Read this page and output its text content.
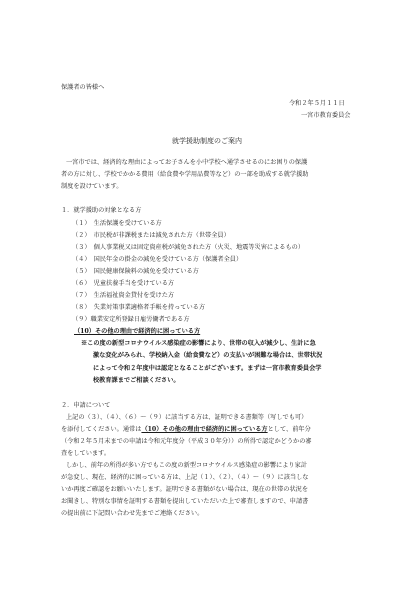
保護者の皆様へ
令和２年５月１１日
一宮市教育委員会
就学援助制度のご案内
一宮市では、経済的な理由によってお子さんを小中学校へ通学させるのにお困りの保護
者の方に対し、学校でかかる費用（給食費や学用品費等など）の一部を助成する就学援助
制度を設けています。
１．就学援助の対象となる方
（１）　生活保護を受けている方
（２）　市民税が非課税または減免された方（世帯全員）
（３）　個人事業税又は固定資産税が減免された方（火災、地震等災害によるもの）
（４）　国民年金の掛金の減免を受けている方（保護者全員）
（５）　国民健康保険料の減免を受けている方
（６）　児童扶養手当を受けている方
（７）　生活福祉資金貸付を受けた方
（８）　失業対策事業適格者手帳を持っている方
（９）職業安定所登録日雇労働者である方
（10）その他の理由で経済的に困っている方
※この度の新型コロナウイルス感染症の影響により、世帯の収入が減少し、生計に急
激な変化がみられ、学校納入金（給食費など）の支払いが困難な場合は、世帯状況
によって令和２年度中は認定となることがございます。まずは一宮市教育委員会学
校教育課までご相談ください。
２．申請について
上記の（３）、（４）、（６）～（９）に該当する方は、証明できる書類等（写しでも可）
を添付してください。通常は（10）その他の理由で経済的に困っている方として、前年分
（令和２年５月末までの申請は令和元年度分（平成３０年分））の所得で認定かどうかの審
査をしています。
しかし、前年の所得が多い方でもこの度の新型コロナウイルス感染症の影響により家計
が急変し、現在、経済的に困っている方は、上記（１）、（２）、（４）～（９）に該当しな
いか再度ご確認をお願いいたします。証明できる書類がない場合は、現在の世帯の状況を
お聞きし、特別な事情を証明する書類を提出していただいた上で審査しますので、申請書
の提出前に下記問い合わせ先までご連絡ください。
